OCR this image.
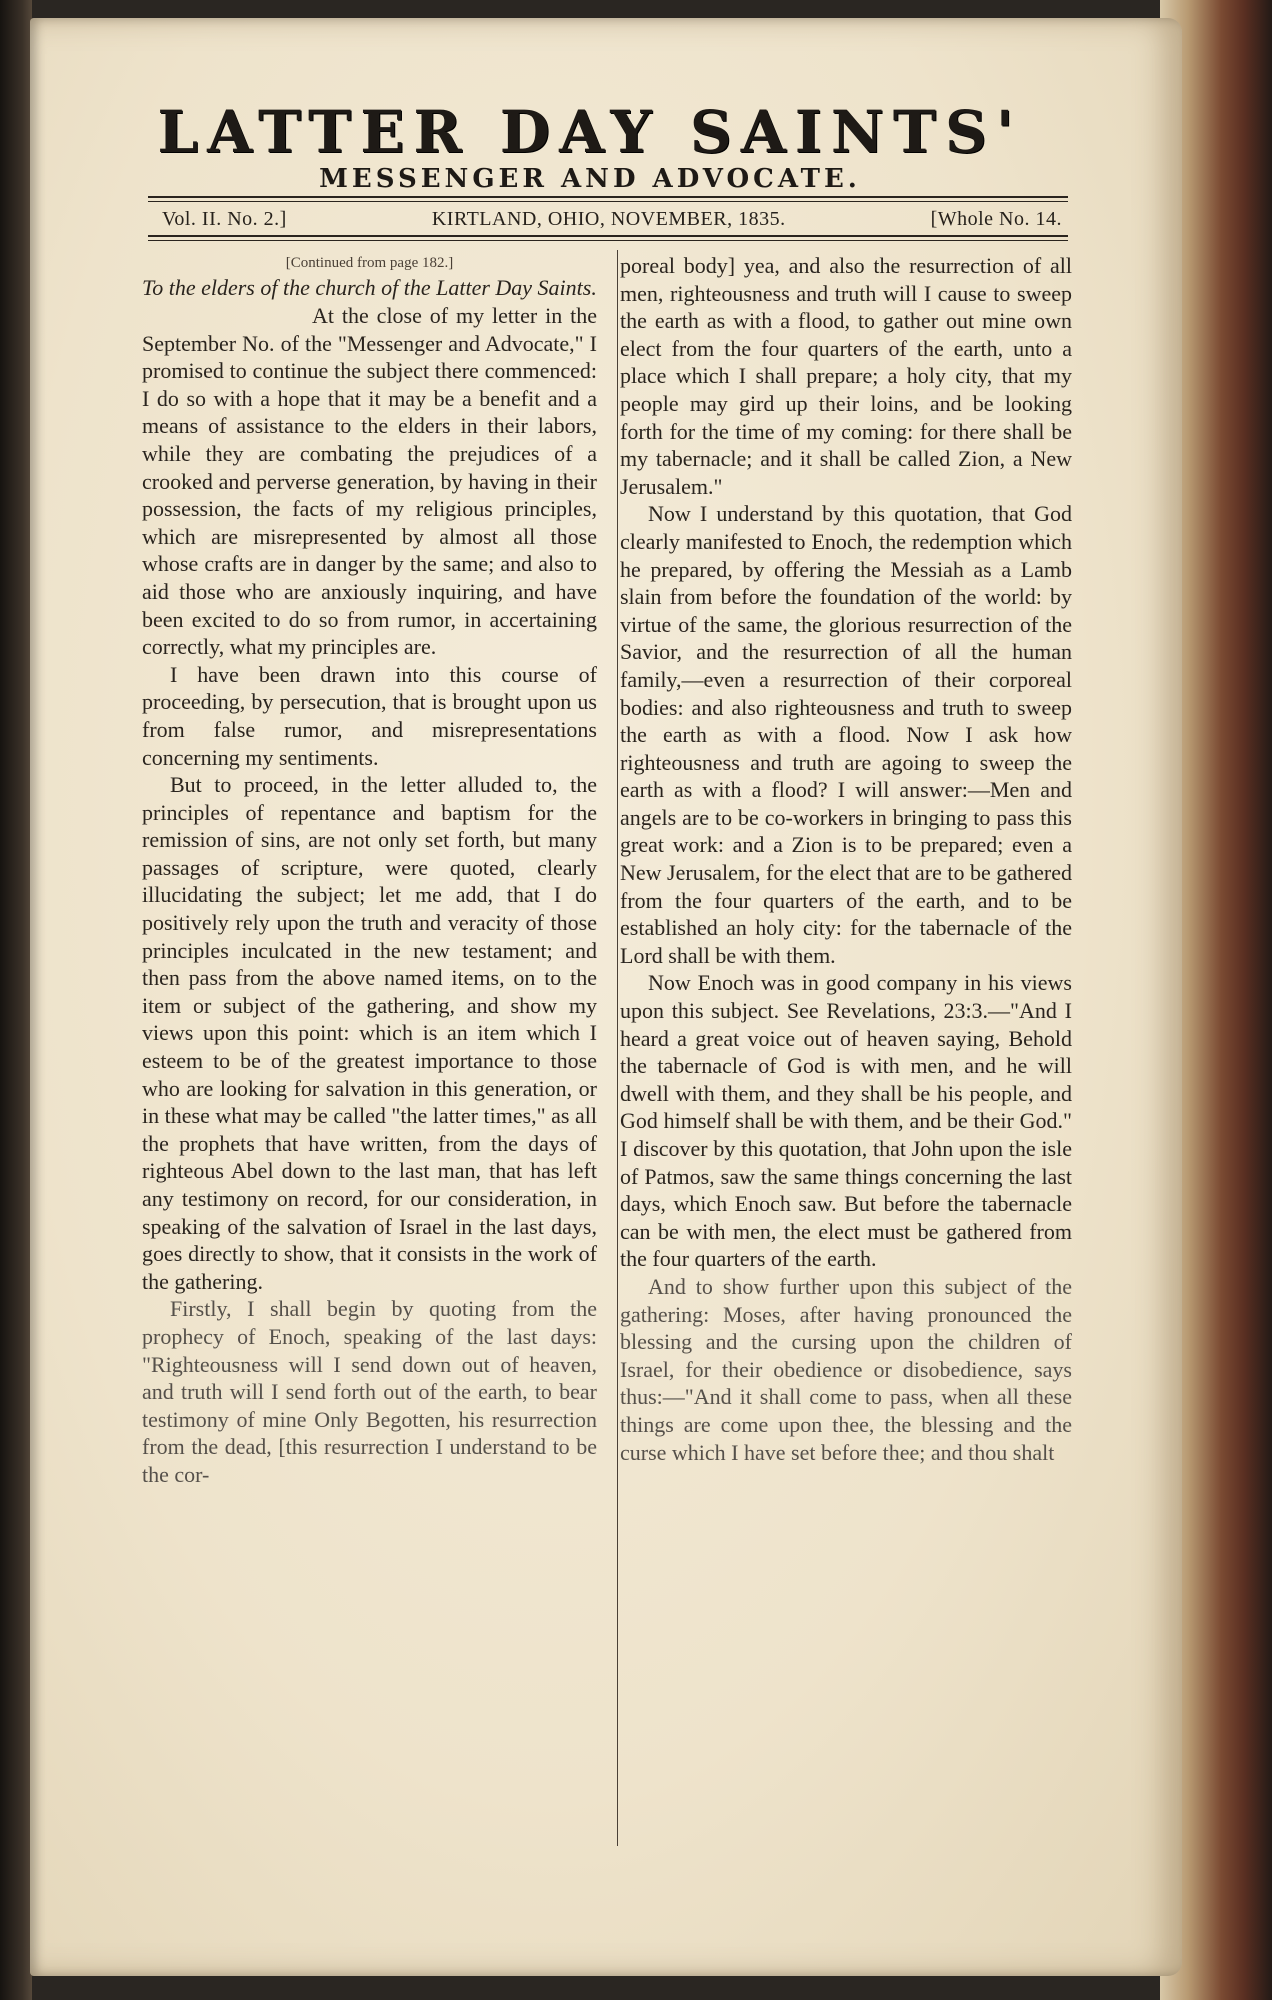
LATTER DAY SAINTS'
MESSENGER AND ADVOCATE.
Vol. II. No. 2.]	KIRTLAND, OHIO, NOVEMBER, 1835.	[Whole No. 14.
[Continued from page 182.]

To the elders of the church of the Latter Day Saints.

At the close of my letter in the September No. of the "Messenger and Advocate," I promised to continue the subject there commenced: I do so with a hope that it may be a benefit and a means of assistance to the elders in their labors, while they are combating the prejudices of a crooked and perverse generation, by having in their possession, the facts of my religious principles, which are misrepresented by almost all those whose crafts are in danger by the same; and also to aid those who are anxiously inquiring, and have been excited to do so from rumor, in accertaining correctly, what my principles are.

I have been drawn into this course of proceeding, by persecution, that is brought upon us from false rumor, and misrepresentations concerning my sentiments.

But to proceed, in the letter alluded to, the principles of repentance and baptism for the remission of sins, are not only set forth, but many passages of scripture, were quoted, clearly illucidating the subject; let me add, that I do positively rely upon the truth and veracity of those principles inculcated in the new testament; and then pass from the above named items, on to the item or subject of the gathering, and show my views upon this point: which is an item which I esteem to be of the greatest importance to those who are looking for salvation in this generation, or in these what may be called "the latter times," as all the prophets that have written, from the days of righteous Abel down to the last man, that has left any testimony on record, for our consideration, in speaking of the salvation of Israel in the last days, goes directly to show, that it consists in the work of the gathering.

Firstly, I shall begin by quoting from the prophecy of Enoch, speaking of the last days: "Righteousness will I send down out of heaven, and truth will I send forth out of the earth, to bear testimony of mine Only Begotten, his resurrection from the dead, [this resurrection I understand to be the cor-

poreal body] yea, and also the resurrection of all men, righteousness and truth will I cause to sweep the earth as with a flood, to gather out mine own elect from the four quarters of the earth, unto a place which I shall prepare; a holy city, that my people may gird up their loins, and be looking forth for the time of my coming: for there shall be my tabernacle; and it shall be called Zion, a New Jerusalem."

Now I understand by this quotation, that God clearly manifested to Enoch, the redemption which he prepared, by offering the Messiah as a Lamb slain from before the foundation of the world: by virtue of the same, the glorious resurrection of the Savior, and the resurrection of all the human family,—even a resurrection of their corporeal bodies: and also righteousness and truth to sweep the earth as with a flood. Now I ask how righteousness and truth are agoing to sweep the earth as with a flood? I will answer:—Men and angels are to be co-workers in bringing to pass this great work: and a Zion is to be prepared; even a New Jerusalem, for the elect that are to be gathered from the four quarters of the earth, and to be established an holy city: for the tabernacle of the Lord shall be with them.

Now Enoch was in good company in his views upon this subject. See Revelations, 23:3.—"And I heard a great voice out of heaven saying, Behold the tabernacle of God is with men, and he will dwell with them, and they shall be his people, and God himself shall be with them, and be their God." I discover by this quotation, that John upon the isle of Patmos, saw the same things concerning the last days, which Enoch saw. But before the tabernacle can be with men, the elect must be gathered from the four quarters of the earth.

And to show further upon this subject of the gathering: Moses, after having pronounced the blessing and the cursing upon the children of Israel, for their obedience or disobedience, says thus:—"And it shall come to pass, when all these things are come upon thee, the blessing and the curse which I have set before thee; and thou shalt
